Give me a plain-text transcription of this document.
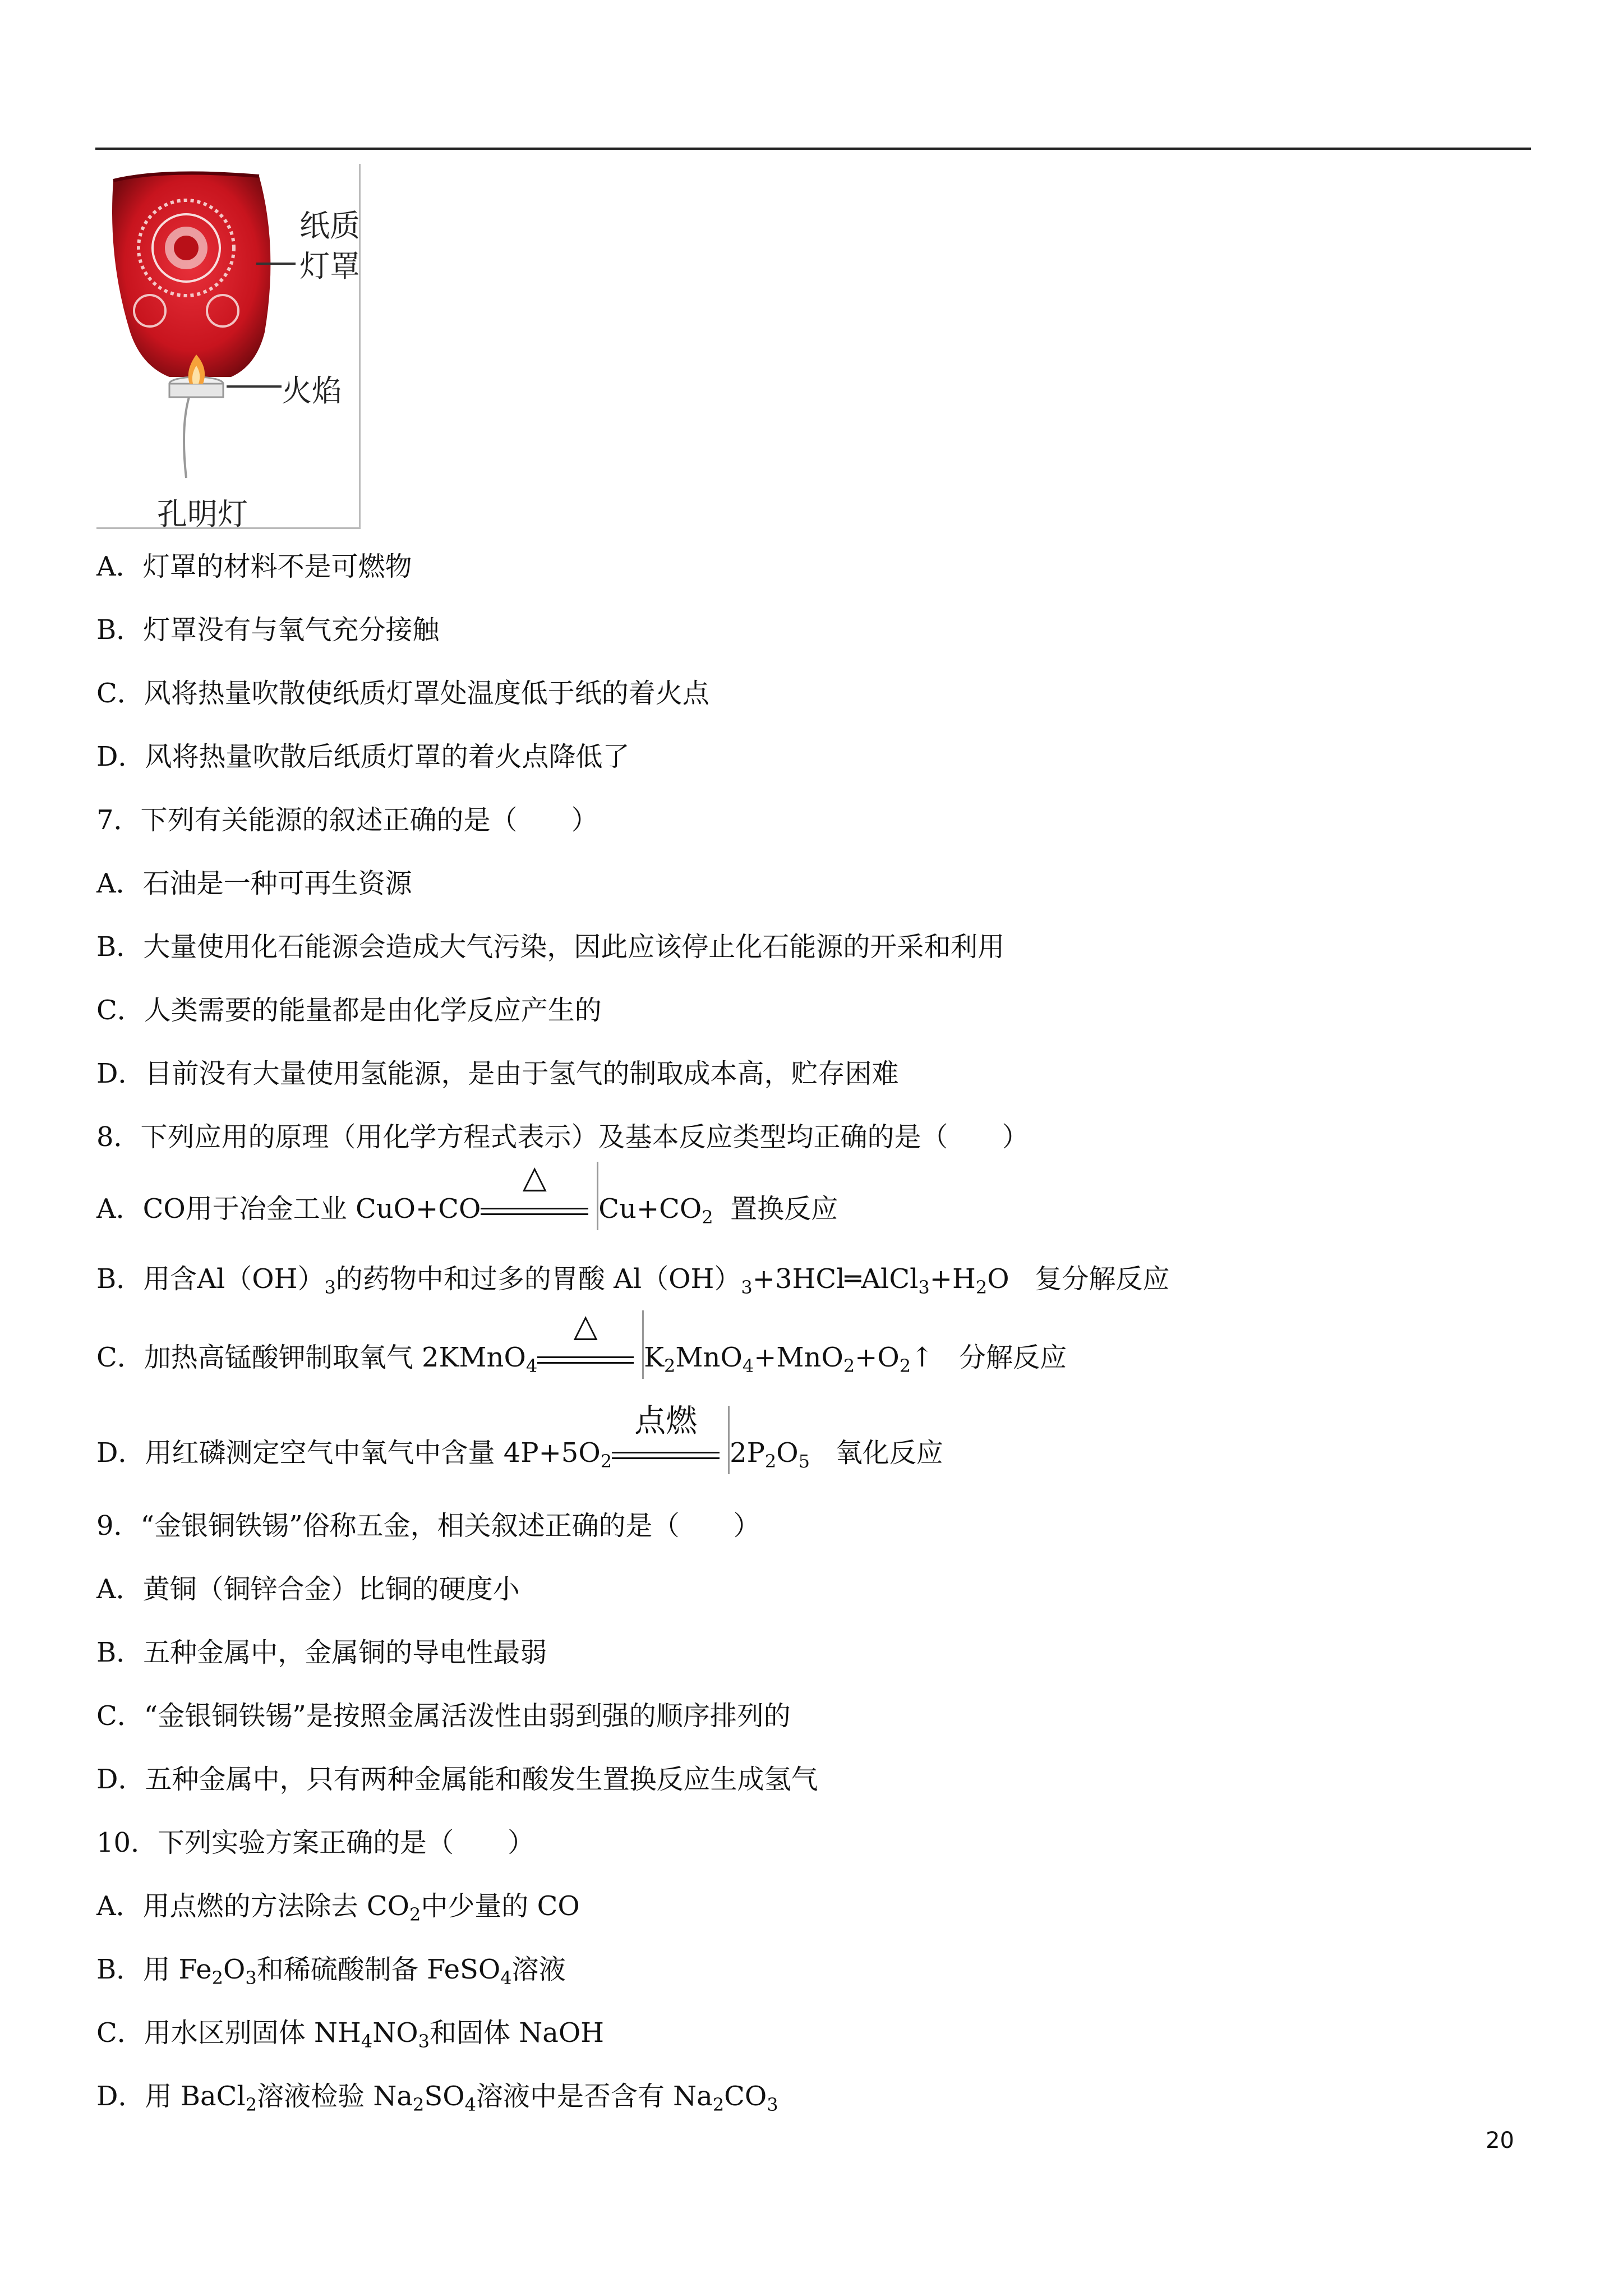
纸质
灯罩
火焰
孔明灯
A．灯罩的材料不是可燃物
B．灯罩没有与氧气充分接触
C．风将热量吹散使纸质灯罩处温度低于纸的着火点
D．风将热量吹散后纸质灯罩的着火点降低了
7．下列有关能源的叙述正确的是（　　）
A．石油是一种可再生资源
B．大量使用化石能源会造成大气污染，因此应该停止化石能源的开采和利用
C．人类需要的能量都是由化学反应产生的
D．目前没有大量使用氢能源，是由于氢气的制取成本高，贮存困难
8．下列应用的原理（用化学方程式表示）及基本反应类型均正确的是（　　）
A．CO用于冶金工业 CuO+CO
△
$Cu+CO_2$ 置换反应
B．用含$Al(OH)_3$的药物中和过多的胃酸 $Al(OH)_3+3HCl═AlCl_3+H_2O$ 复分解反应
C．加热高锰酸钾制取氧气 2KMnO$_4$
△
$K_2MnO_4+MnO_2+O_2↑$ 分解反应
D．用红磷测定空气中氧气中含量 $4P+5O_2$
点燃
$2P_2O_5$ 氧化反应
9．“金银铜铁锡”俗称五金，相关叙述正确的是（　　）
A．黄铜（铜锌合金）比铜的硬度小
B．五种金属中，金属铜的导电性最弱
C．“金银铜铁锡”是按照金属活泼性由弱到强的顺序排列的
D．五种金属中，只有两种金属能和酸发生置换反应生成氢气
10．下列实验方案正确的是（　　）
A．用点燃的方法除去 $CO_2$中少量的 CO
B．用 $Fe_2O_3$和稀硫酸制备 FeSO$_4$溶液
C．用水区别固体 $NH_4NO_3$和固体 NaOH
D．用 BaCl$_2$溶液检验 $Na_2SO_4$溶液中是否含有 $Na_2CO_3$
20
